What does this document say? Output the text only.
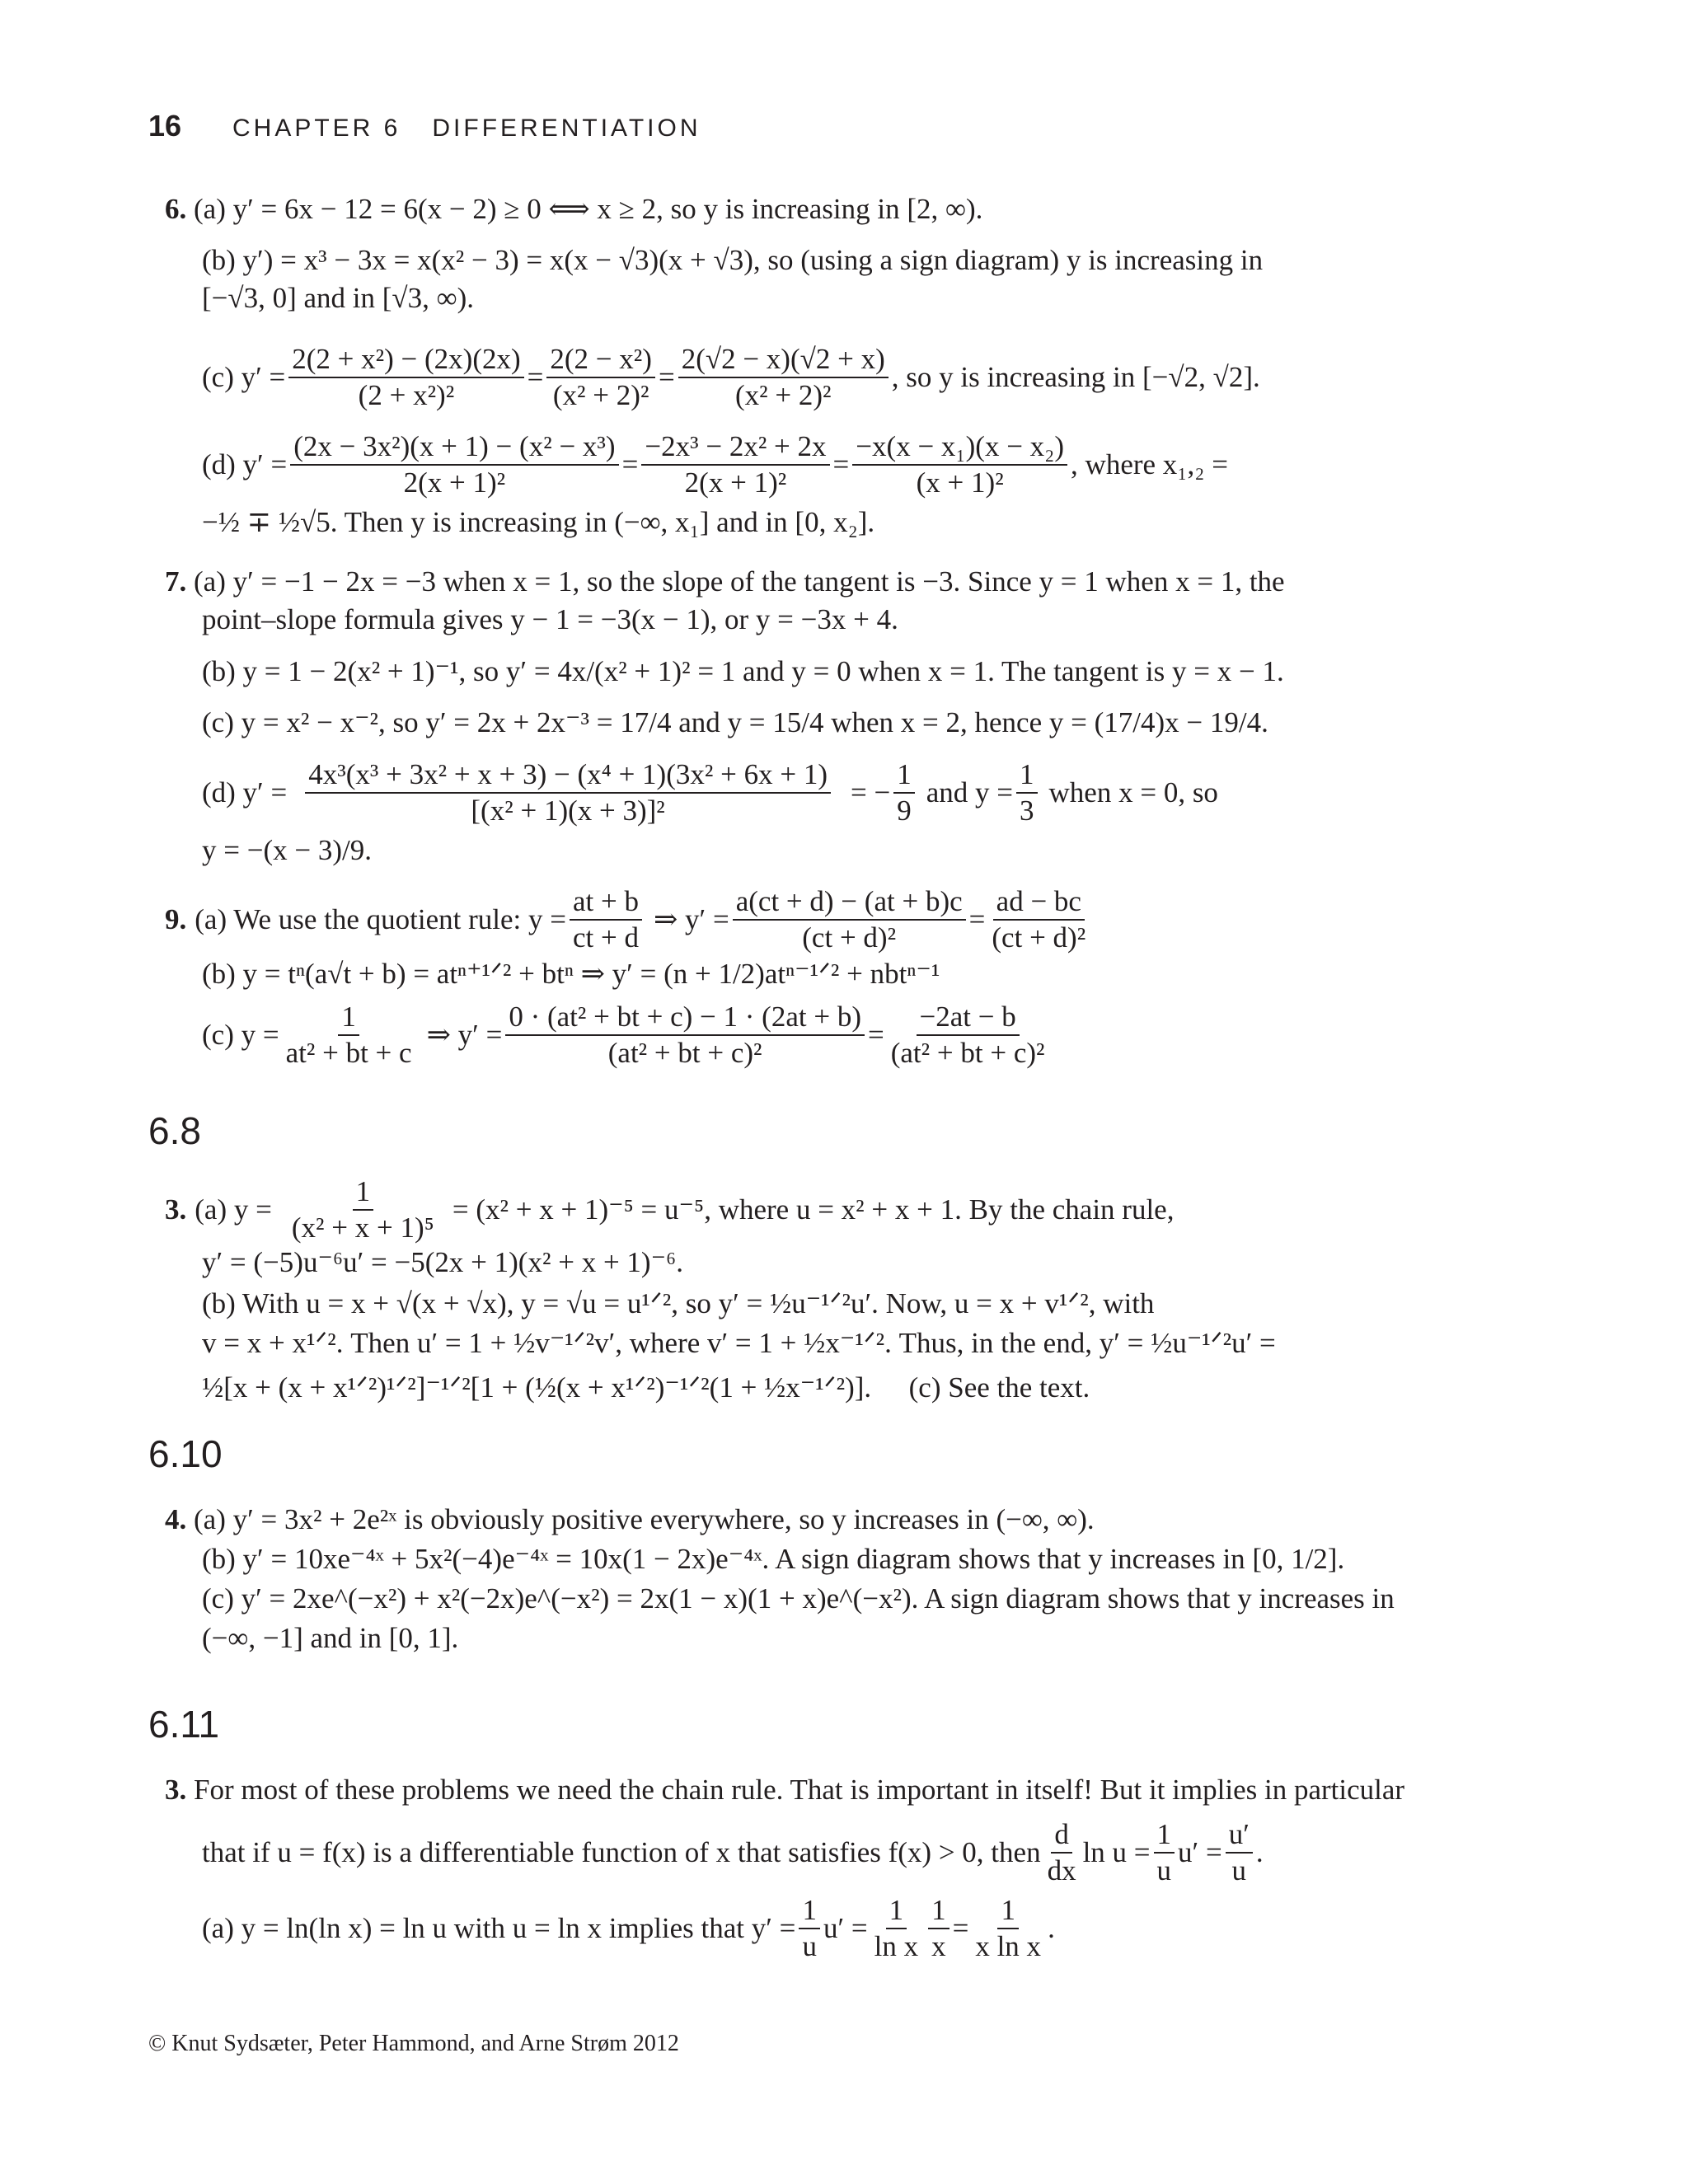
16	CHAPTER 6 DIFFERENTIATION
6. (a) y′ = 6x − 12 = 6(x − 2) ≥ 0 ⟺ x ≥ 2, so y is increasing in [2, ∞).
(b) y′) = x³ − 3x = x(x² − 3) = x(x − √3)(x + √3), so (using a sign diagram) y is increasing in
[−√3, 0] and in [√3, ∞).
(c) $y' = \frac{\text{2(2 + x²) − (2x)(2x)}}{\text{(2 + x²)²}} = \frac{\text{2(2 − x²)}}{\text{(x² + 2)²}} = \frac{2(√2 - x)(√2 + x)}{\text{(x² + 2)²}}$ , so y is increasing in [−√2, √2].
(d) $y' = \frac{\text{(2x − 3x²)(x + 1) − (x² − x³)}}{\text{2(x + 1)²}} = \frac{\text{−2x³ − 2x² + 2x}}{\text{2(x + 1)²}} = \frac{\text{−x(x − x₁)(x − x₂)}}{\text{(x + 1)²}}$ , where x₁,₂ =
−½ ∓ ½√5. Then y is increasing in (−∞, x₁] and in [0, x₂].
7. (a) y′ = −1 − 2x = −3 when x = 1, so the slope of the tangent is −3. Since y = 1 when x = 1, the
point–slope formula gives y − 1 = −3(x − 1), or y = −3x + 4.
(b) y = 1 − 2(x² + 1)⁻¹, so y′ = 4x/(x² + 1)² = 1 and y = 0 when x = 1. The tangent is y = x − 1.
(c) y = x² − x⁻², so y′ = 2x + 2x⁻³ = 17/4 and y = 15/4 when x = 2, hence y = (17/4)x − 19/4.
(d) y′ =
4x³(x³ + 3x² + x + 3) − (x⁴ + 1)(3x² + 6x + 1)
[(x² + 1)(x + 3)]²
= − $\frac{1}{9}$ and $y = \frac{1}{3}$ when x = 0, so
y = −(x − 3)/9.
9. (a) We use the quotient rule: $y = \frac{at + b}{ct + d}$ ⇒ $y' = \frac{a(ct + d) - (at + b)c}{\text{(ct + d)²}} = \frac{ad - bc}{\text{(ct + d)²}}$
(b) y = tⁿ(a√t + b) = atⁿ⁺¹ᐟ² + btⁿ ⇒ y′ = (n + 1/2)atⁿ⁻¹ᐟ² + nbtⁿ⁻¹
(c) $y = \frac{1}{\text{at² + bt + c}}$ ⇒ $y' = \frac{\text{0 · (at² + bt + c) − 1 · (2at + b)}}{\text{(at² + bt + c)²}} = \frac{-2at - b}{\text{(at² + bt + c)²}}$
6.8
3. (a) y =
1
(x² + x + 1)⁵
= (x² + x + 1)⁻⁵ = u⁻⁵, where u = x² + x + 1. By the chain rule,
y′ = (−5)u⁻⁶u′ = −5(2x + 1)(x² + x + 1)⁻⁶.
(b) With u = x + √(x + √x), y = √u = u¹ᐟ², so y′ = ½u⁻¹ᐟ²u′. Now, u = x + v¹ᐟ², with
v = x + x¹ᐟ². Then u′ = 1 + ½v⁻¹ᐟ²v′, where v′ = 1 + ½x⁻¹ᐟ². Thus, in the end, y′ = ½u⁻¹ᐟ²u′ =
½[x + (x + x¹ᐟ²)¹ᐟ²]⁻¹ᐟ²[1 + (½(x + x¹ᐟ²)⁻¹ᐟ²(1 + ½x⁻¹ᐟ²)]. (c) See the text.
6.10
4. (a) y′ = 3x² + 2e²ˣ is obviously positive everywhere, so y increases in (−∞, ∞).
(b) y′ = 10xe⁻⁴ˣ + 5x²(−4)e⁻⁴ˣ = 10x(1 − 2x)e⁻⁴ˣ. A sign diagram shows that y increases in [0, 1/2].
(c) y′ = 2xe^(−x²) + x²(−2x)e^(−x²) = 2x(1 − x)(1 + x)e^(−x²). A sign diagram shows that y increases in
(−∞, −1] and in [0, 1].
6.11
3. For most of these problems we need the chain rule. That is important in itself! But it implies in particular
that if u = f(x) is a differentiable function of x that satisfies f(x) > 0, then
d
dx
$\ln u = \frac{1}{u} u' = \frac{u'}{u}$ .
(a) y = ln(ln x) = ln u with u = ln x implies that $y' = \frac{1}{u} u' = \frac{1}{\text{ln x}} \frac{1}{x} = \frac{1}{\text{x ln x}}$ .
© Knut Sydsæter, Peter Hammond, and Arne Strøm 2012
